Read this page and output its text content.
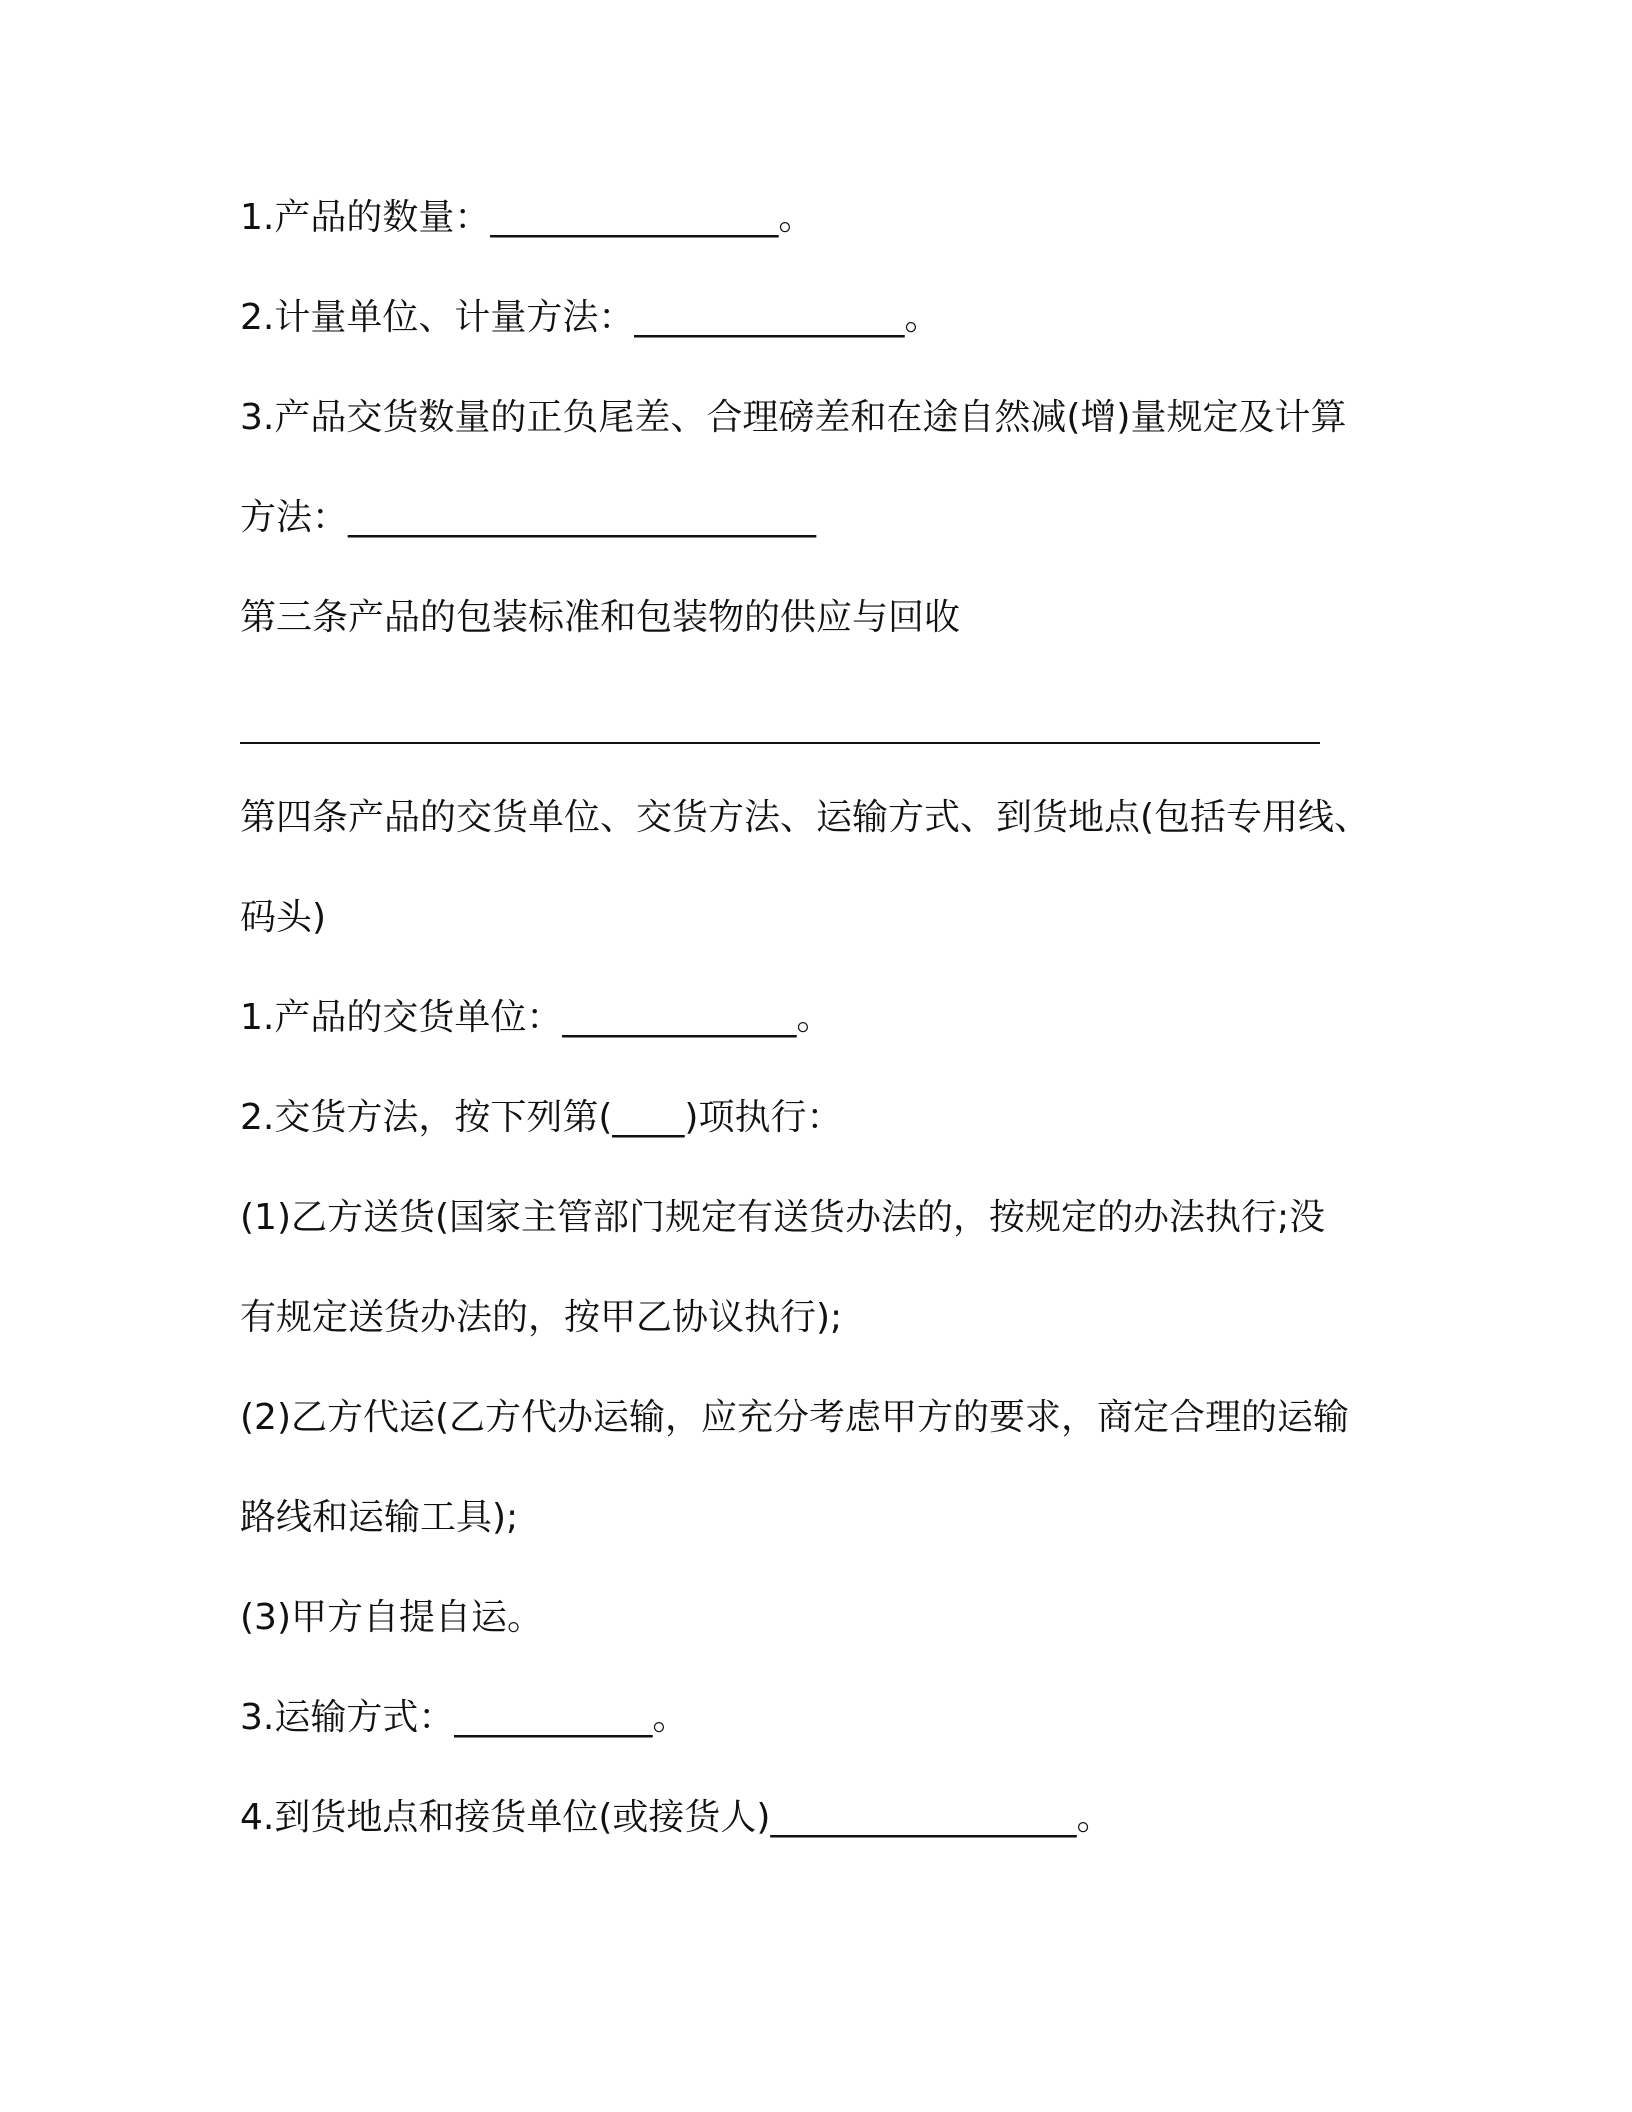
1.产品的数量：________________。

2.计量单位、计量方法：_______________。

3.产品交货数量的正负尾差、合理磅差和在途自然减(增)量规定及计算

方法：__________________________

第三条产品的包装标准和包装物的供应与回收

第四条产品的交货单位、交货方法、运输方式、到货地点(包括专用线、

码头)

1.产品的交货单位：_____________。

2.交货方法，按下列第(____)项执行：

(1)乙方送货(国家主管部门规定有送货办法的，按规定的办法执行;没

有规定送货办法的，按甲乙协议执行);

(2)乙方代运(乙方代办运输，应充分考虑甲方的要求，商定合理的运输

路线和运输工具);

(3)甲方自提自运。

3.运输方式：___________。

4.到货地点和接货单位(或接货人)_________________。
